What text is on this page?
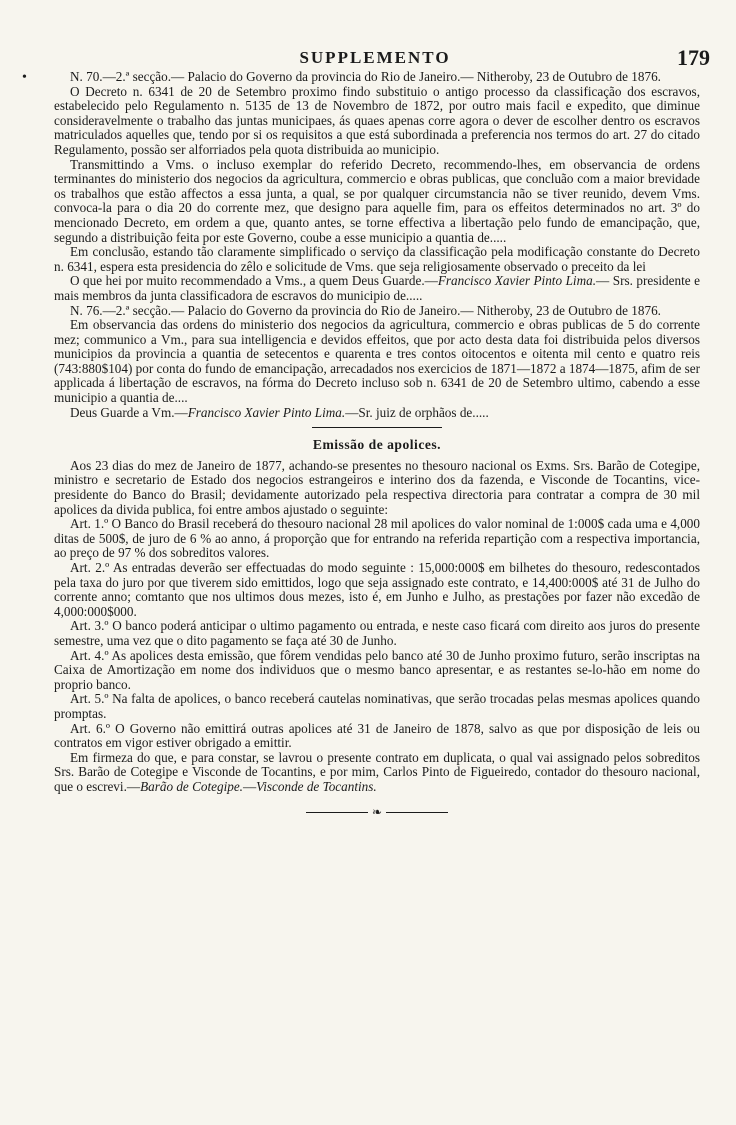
SUPPLEMENTO	179
•	N. 70.—2.ª secção.— Palacio do Governo da provincia do Rio de Janeiro.— Nitheroby, 23 de Outubro de 1876.

O Decreto n. 6341 de 20 de Setembro proximo findo substituio o antigo processo da classificação dos escravos, estabelecido pelo Regulamento n. 5135 de 13 de Novembro de 1872, por outro mais facil e expedito, que diminue consideravelmente o trabalho das juntas municipaes, ás quaes apenas corre agora o dever de escolher dentro os escravos matriculados aquelles que, tendo por si os requisitos a que está subordinada a preferencia nos termos do art. 27 do citado Regulamento, possão ser alforriados pela quota distribuida ao municipio.

Transmittindo a Vms. o incluso exemplar do referido Decreto, recommendo-lhes, em observancia de ordens terminantes do ministerio dos negocios da agricultura, commercio e obras publicas, que concluão com a maior brevidade os trabalhos que estão affectos a essa junta, a qual, se por qualquer circumstancia não se tiver reunido, devem Vms. convoca-la para o dia 20 do corrente mez, que designo para aquelle fim, para os effeitos determinados no art. 3º do mencionado Decreto, em ordem a que, quanto antes, se torne effectiva a libertação pelo fundo de emancipação, que, segundo a distribuição feita por este Governo, coube a esse municipio a quantia de.....

Em conclusão, estando tão claramente simplificado o serviço da classificação pela modificação constante do Decreto n. 6341, espera esta presidencia do zêlo e solicitude de Vms. que seja religiosamente observado o preceito da lei

O que hei por muito recommendado a Vms., a quem Deus Guarde.—Francisco Xavier Pinto Lima.— Srs. presidente e mais membros da junta classificadora de escravos do municipio de.....

N. 76.—2.ª secção.— Palacio do Governo da provincia do Rio de Janeiro.— Nitheroby, 23 de Outubro de 1876.

Em observancia das ordens do ministerio dos negocios da agricultura, commercio e obras publicas de 5 do corrente mez; communico a Vm., para sua intelligencia e devidos effeitos, que por acto desta data foi distribuida pelos diversos municipios da provincia a quantia de setecentos e quarenta e tres contos oitocentos e oitenta mil cento e quatro reis (743:880$104) por conta do fundo de emancipação, arrecadados nos exercicios de 1871—1872 a 1874—1875, afim de ser applicada á libertação de escravos, na fórma do Decreto incluso sob n. 6341 de 20 de Setembro ultimo, cabendo a esse municipio a quantia de....

Deus Guarde a Vm.—Francisco Xavier Pinto Lima.—Sr. juiz de orphãos de.....

Emissão de apolices.

Aos 23 dias do mez de Janeiro de 1877, achando-se presentes no thesouro nacional os Exms. Srs. Barão de Cotegipe, ministro e secretario de Estado dos negocios estrangeiros e interino dos da fazenda, e Visconde de Tocantins, vice-presidente do Banco do Brasil; devidamente autorizado pela respectiva directoria para contratar a compra de 30 mil apolices da divida publica, foi entre ambos ajustado o seguinte:

Art. 1.º O Banco do Brasil receberá do thesouro nacional 28 mil apolices do valor nominal de 1:000$ cada uma e 4,000 ditas de 500$, de juro de 6 % ao anno, á proporção que for entrando na referida repartição com a respectiva importancia, ao preço de 97 % dos sobreditos valores.

Art. 2.º As entradas deverão ser effectuadas do modo seguinte : 15,000:000$ em bilhetes do thesouro, redescontados pela taxa do juro por que tiverem sido emittidos, logo que seja assignado este contrato, e 14,400:000$ até 31 de Julho do corrente anno; comtanto que nos ultimos dous mezes, isto é, em Junho e Julho, as prestações por fazer não excedão de 4,000:000$000.

Art. 3.º O banco poderá anticipar o ultimo pagamento ou entrada, e neste caso ficará com direito aos juros do presente semestre, uma vez que o dito pagamento se faça até 30 de Junho.

Art. 4.º As apolices desta emissão, que fôrem vendidas pelo banco até 30 de Junho proximo futuro, serão inscriptas na Caixa de Amortização em nome dos individuos que o mesmo banco apresentar, e as restantes se-lo-hão em nome do proprio banco.

Art. 5.º Na falta de apolices, o banco receberá cautelas nominativas, que serão trocadas pelas mesmas apolices quando promptas.

Art. 6.º O Governo não emittirá outras apolices até 31 de Janeiro de 1878, salvo as que por disposição de leis ou contratos em vigor estiver obrigado a emittir.

Em firmeza do que, e para constar, se lavrou o presente contrato em duplicata, o qual vai assignado pelos sobreditos Srs. Barão de Cotegipe e Visconde de Tocantins, e por mim, Carlos Pinto de Figueiredo, contador do thesouro nacional, que o escrevi.—Barão de Cotegipe.—Visconde de Tocantins.

❧
